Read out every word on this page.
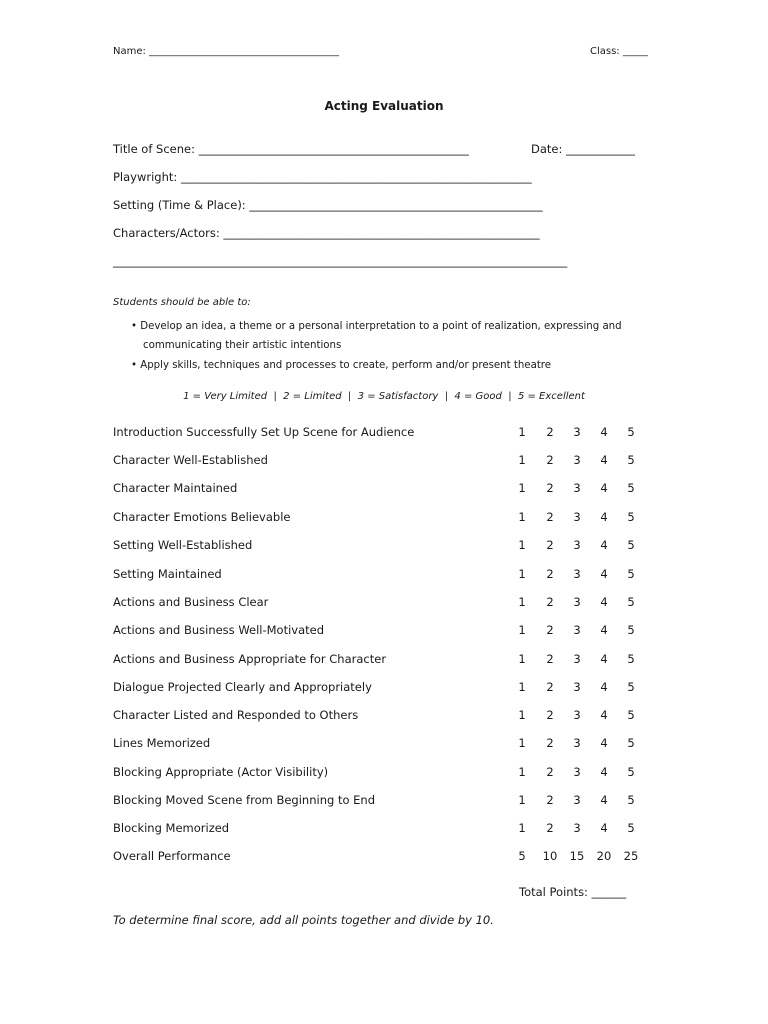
Name: ______________________________________	Class: _____
Acting Evaluation
Title of Scene: _______________________________________________	Date: ____________
Playwright: _____________________________________________________________
Setting (Time & Place): ___________________________________________________
Characters/Actors: _______________________________________________________
_______________________________________________________________________________
Students should be able to:
• Develop an idea, a theme or a personal interpretation to a point of realization, expressing and
communicating their artistic intentions
• Apply skills, techniques and processes to create, perform and/or present theatre
1 = Very Limited  |  2 = Limited  |  3 = Satisfactory  |  4 = Good  |  5 = Excellent
Introduction Successfully Set Up Scene for Audience	1	2	3	4	5
Character Well-Established	1	2	3	4	5
Character Maintained	1	2	3	4	5
Character Emotions Believable	1	2	3	4	5
Setting Well-Established	1	2	3	4	5
Setting Maintained	1	2	3	4	5
Actions and Business Clear	1	2	3	4	5
Actions and Business Well-Motivated	1	2	3	4	5
Actions and Business Appropriate for Character	1	2	3	4	5
Dialogue Projected Clearly and Appropriately	1	2	3	4	5
Character Listed and Responded to Others	1	2	3	4	5
Lines Memorized	1	2	3	4	5
Blocking Appropriate (Actor Visibility)	1	2	3	4	5
Blocking Moved Scene from Beginning to End	1	2	3	4	5
Blocking Memorized	1	2	3	4	5
Overall Performance	5	10	15	20	25
Total Points: ______
To determine final score, add all points together and divide by 10.
